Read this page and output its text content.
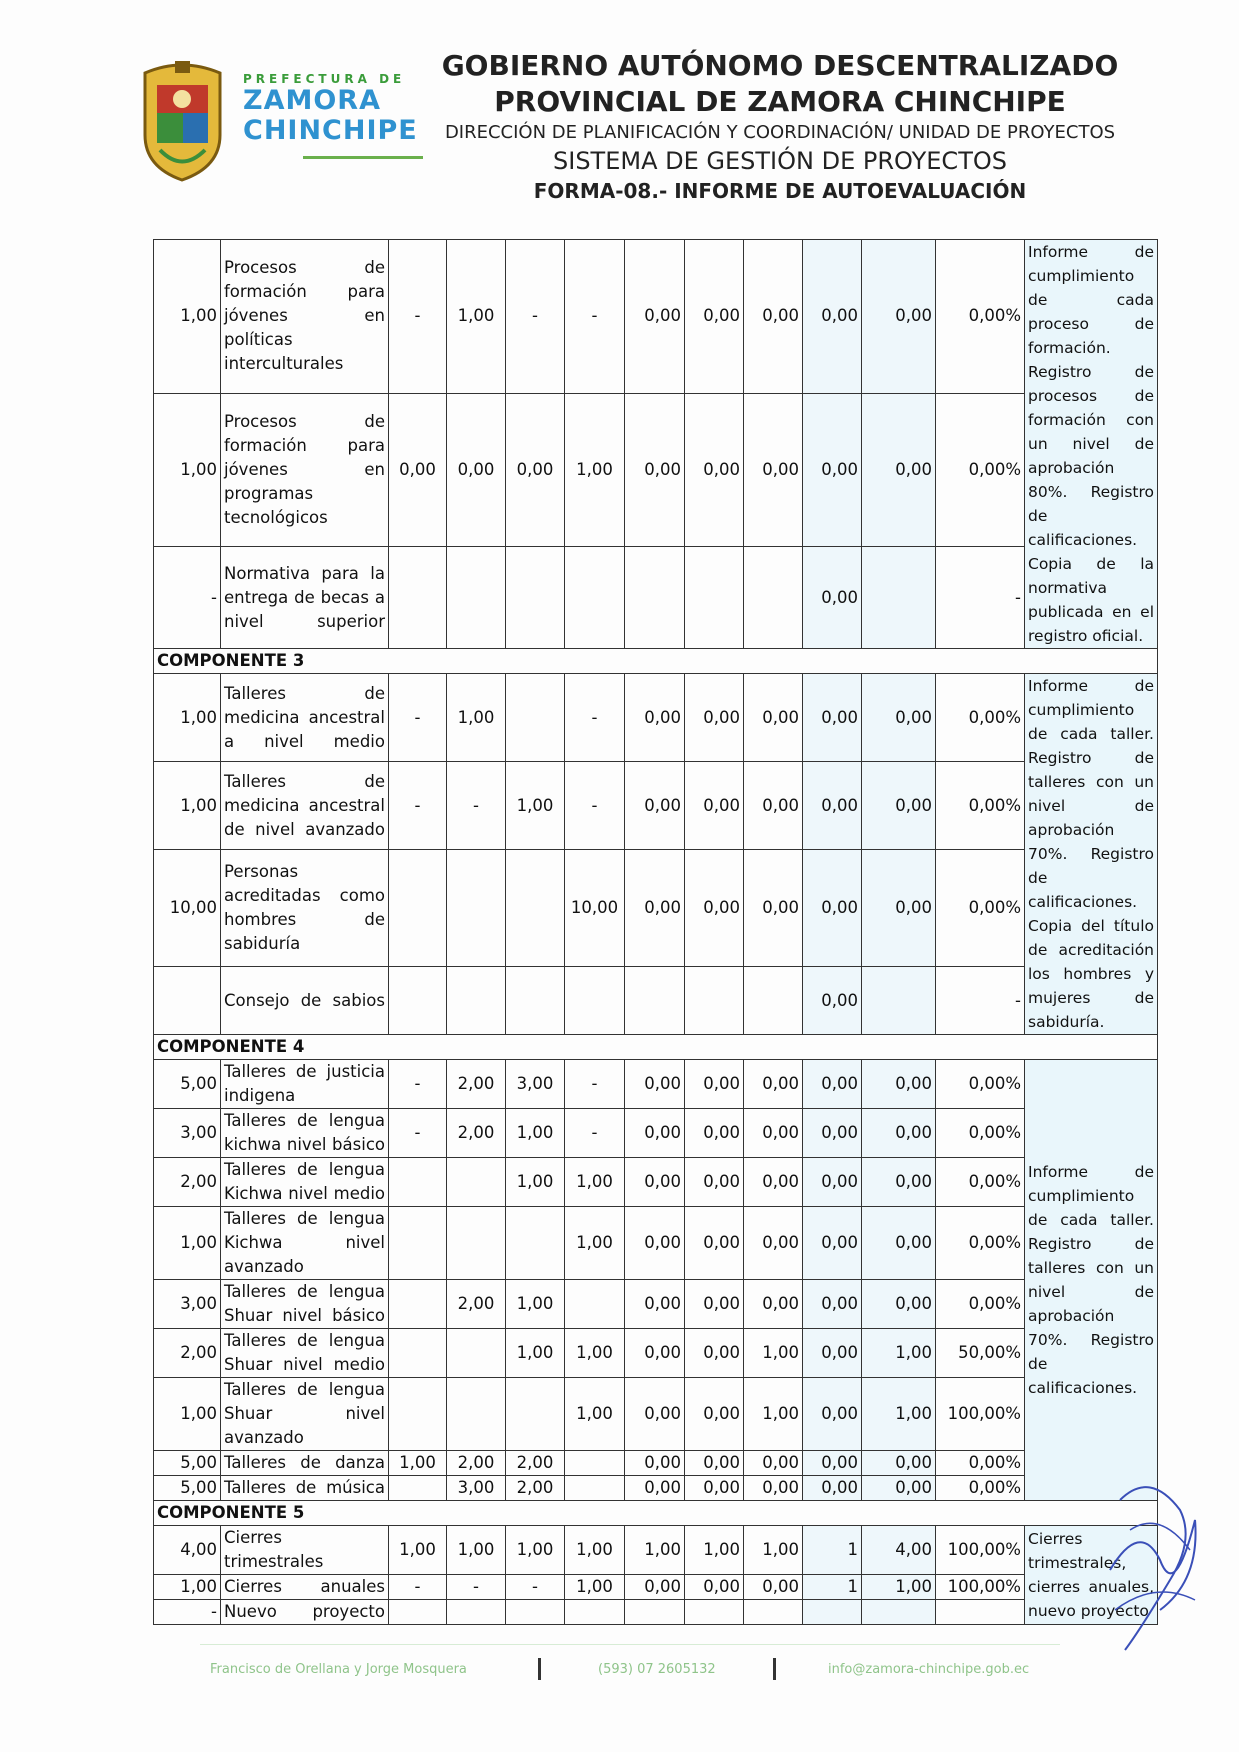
PREFECTURA DE
ZAMORA
CHINCHIPE
GOBIERNO AUTÓNOMO DESCENTRALIZADO
PROVINCIAL DE ZAMORA CHINCHIPE
DIRECCIÓN DE PLANIFICACIÓN Y COORDINACIÓN/ UNIDAD DE PROYECTOS
SISTEMA DE GESTIÓN DE PROYECTOS
FORMA-08.- INFORME DE AUTOEVALUACIÓN
1,00	Procesos de formación para jóvenes en políticas interculturales	-	1,00	-	-	0,00	0,00	0,00	0,00	0,00	0,00%	Informe de cumplimiento de cada proceso de formación. Registro de procesos de formación con un nivel de aprobación 80%. Registro de calificaciones. Copia de la normativa publicada en el registro oficial.
1,00	Procesos de formación para jóvenes en programas tecnológicos	0,00	0,00	0,00	1,00	0,00	0,00	0,00	0,00	0,00	0,00%	
-	Normativa para la entrega de becas a nivel superior								0,00		-	
COMPONENTE 3												
1,00	Talleres de medicina ancestral a nivel medio	-	1,00		-	0,00	0,00	0,00	0,00	0,00	0,00%	Informe de cumplimiento de cada taller. Registro de talleres con un nivel de aprobación 70%. Registro de calificaciones. Copia del título de acreditación los hombres y mujeres de sabiduría.
1,00	Talleres de medicina ancestral de nivel avanzado	-	-	1,00	-	0,00	0,00	0,00	0,00	0,00	0,00%	
10,00	Personas acreditadas como hombres de sabiduría				10,00	0,00	0,00	0,00	0,00	0,00	0,00%	
	Consejo de sabios								0,00		-	
COMPONENTE 4												
5,00	Talleres de justicia indigena	-	2,00	3,00	-	0,00	0,00	0,00	0,00	0,00	0,00%	Informe de cumplimiento de cada taller. Registro de talleres con un nivel de aprobación 70%. Registro de calificaciones.
3,00	Talleres de lengua kichwa nivel básico	-	2,00	1,00	-	0,00	0,00	0,00	0,00	0,00	0,00%	
2,00	Talleres de lengua Kichwa nivel medio			1,00	1,00	0,00	0,00	0,00	0,00	0,00	0,00%	
1,00	Talleres de lengua Kichwa nivel avanzado				1,00	0,00	0,00	0,00	0,00	0,00	0,00%	
3,00	Talleres de lengua Shuar nivel básico		2,00	1,00		0,00	0,00	0,00	0,00	0,00	0,00%	
2,00	Talleres de lengua Shuar nivel medio			1,00	1,00	0,00	0,00	1,00	0,00	1,00	50,00%	
1,00	Talleres de lengua Shuar nivel avanzado				1,00	0,00	0,00	1,00	0,00	1,00	100,00%	
5,00	Talleres de danza	1,00	2,00	2,00		0,00	0,00	0,00	0,00	0,00	0,00%	
5,00	Talleres de música		3,00	2,00		0,00	0,00	0,00	0,00	0,00	0,00%	
COMPONENTE 5												
4,00	Cierres trimestrales	1,00	1,00	1,00	1,00	1,00	1,00	1,00	1	4,00	100,00%	Cierres trimestrales, cierres anuales, nuevo proyecto
1,00	Cierres anuales	-	-	-	1,00	0,00	0,00	0,00	1	1,00	100,00%	
-	Nuevo proyecto											
Francisco de Orellana y Jorge Mosquera	(593) 07 2605132	info@zamora-chinchipe.gob.ec
